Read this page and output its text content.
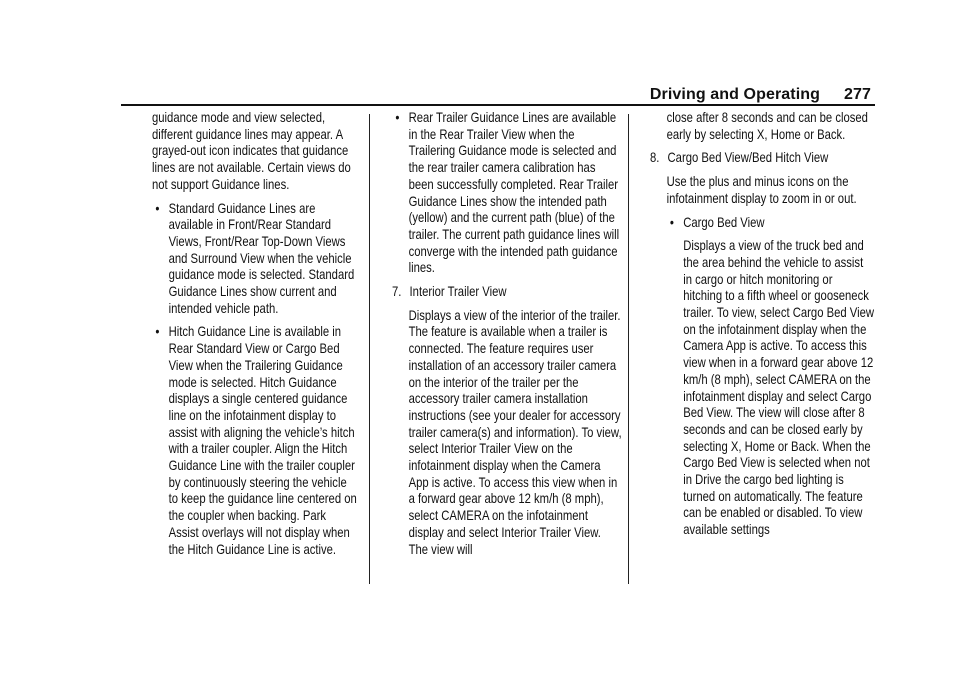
Driving and Operating 277

guidance mode and view selected, different guidance lines may appear. A grayed-out icon indicates that guidance lines are not available. Certain views do not support Guidance lines.

• Standard Guidance Lines are available in Front/Rear Standard Views, Front/Rear Top-Down Views and Surround View when the vehicle guidance mode is selected. Standard Guidance Lines show current and intended vehicle path.
• Hitch Guidance Line is available in Rear Standard View or Cargo Bed View when the Trailering Guidance mode is selected. Hitch Guidance displays a single centered guidance line on the infotainment display to assist with aligning the vehicle’s hitch with a trailer coupler. Align the Hitch Guidance Line with the trailer coupler by continuously steering the vehicle to keep the guidance line centered on the coupler when backing. Park Assist overlays will not display when the Hitch Guidance Line is active.
• Rear Trailer Guidance Lines are available in the Rear Trailer View when the Trailering Guidance mode is selected and the rear trailer camera calibration has been successfully completed. Rear Trailer Guidance Lines show the intended path (yellow) and the current path (blue) of the trailer. The current path guidance lines will converge with the intended path guidance lines.
7. Interior Trailer View

Displays a view of the interior of the trailer. The feature is available when a trailer is connected. The feature requires user installation of an accessory trailer camera on the interior of the trailer per the accessory trailer camera installation instructions (see your dealer for accessory trailer camera(s) and information). To view, select Interior Trailer View on the infotainment display when the Camera App is active. To access this view when in a forward gear above 12 km/h (8 mph), select CAMERA on the infotainment display and select Interior Trailer View. The view will

close after 8 seconds and can be closed early by selecting X, Home or Back.

8. Cargo Bed View/Bed Hitch View

Use the plus and minus icons on the infotainment display to zoom in or out.

• Cargo Bed View

Displays a view of the truck bed and the area behind the vehicle to assist in cargo or hitch monitoring or hitching to a fifth wheel or gooseneck trailer. To view, select Cargo Bed View on the infotainment display when the Camera App is active. To access this view when in a forward gear above 12 km/h (8 mph), select CAMERA on the infotainment display and select Cargo Bed View. The view will close after 8 seconds and can be closed early by selecting X, Home or Back. When the Cargo Bed View is selected when not in Drive the cargo bed lighting is turned on automatically. The feature can be enabled or disabled. To view available settings
